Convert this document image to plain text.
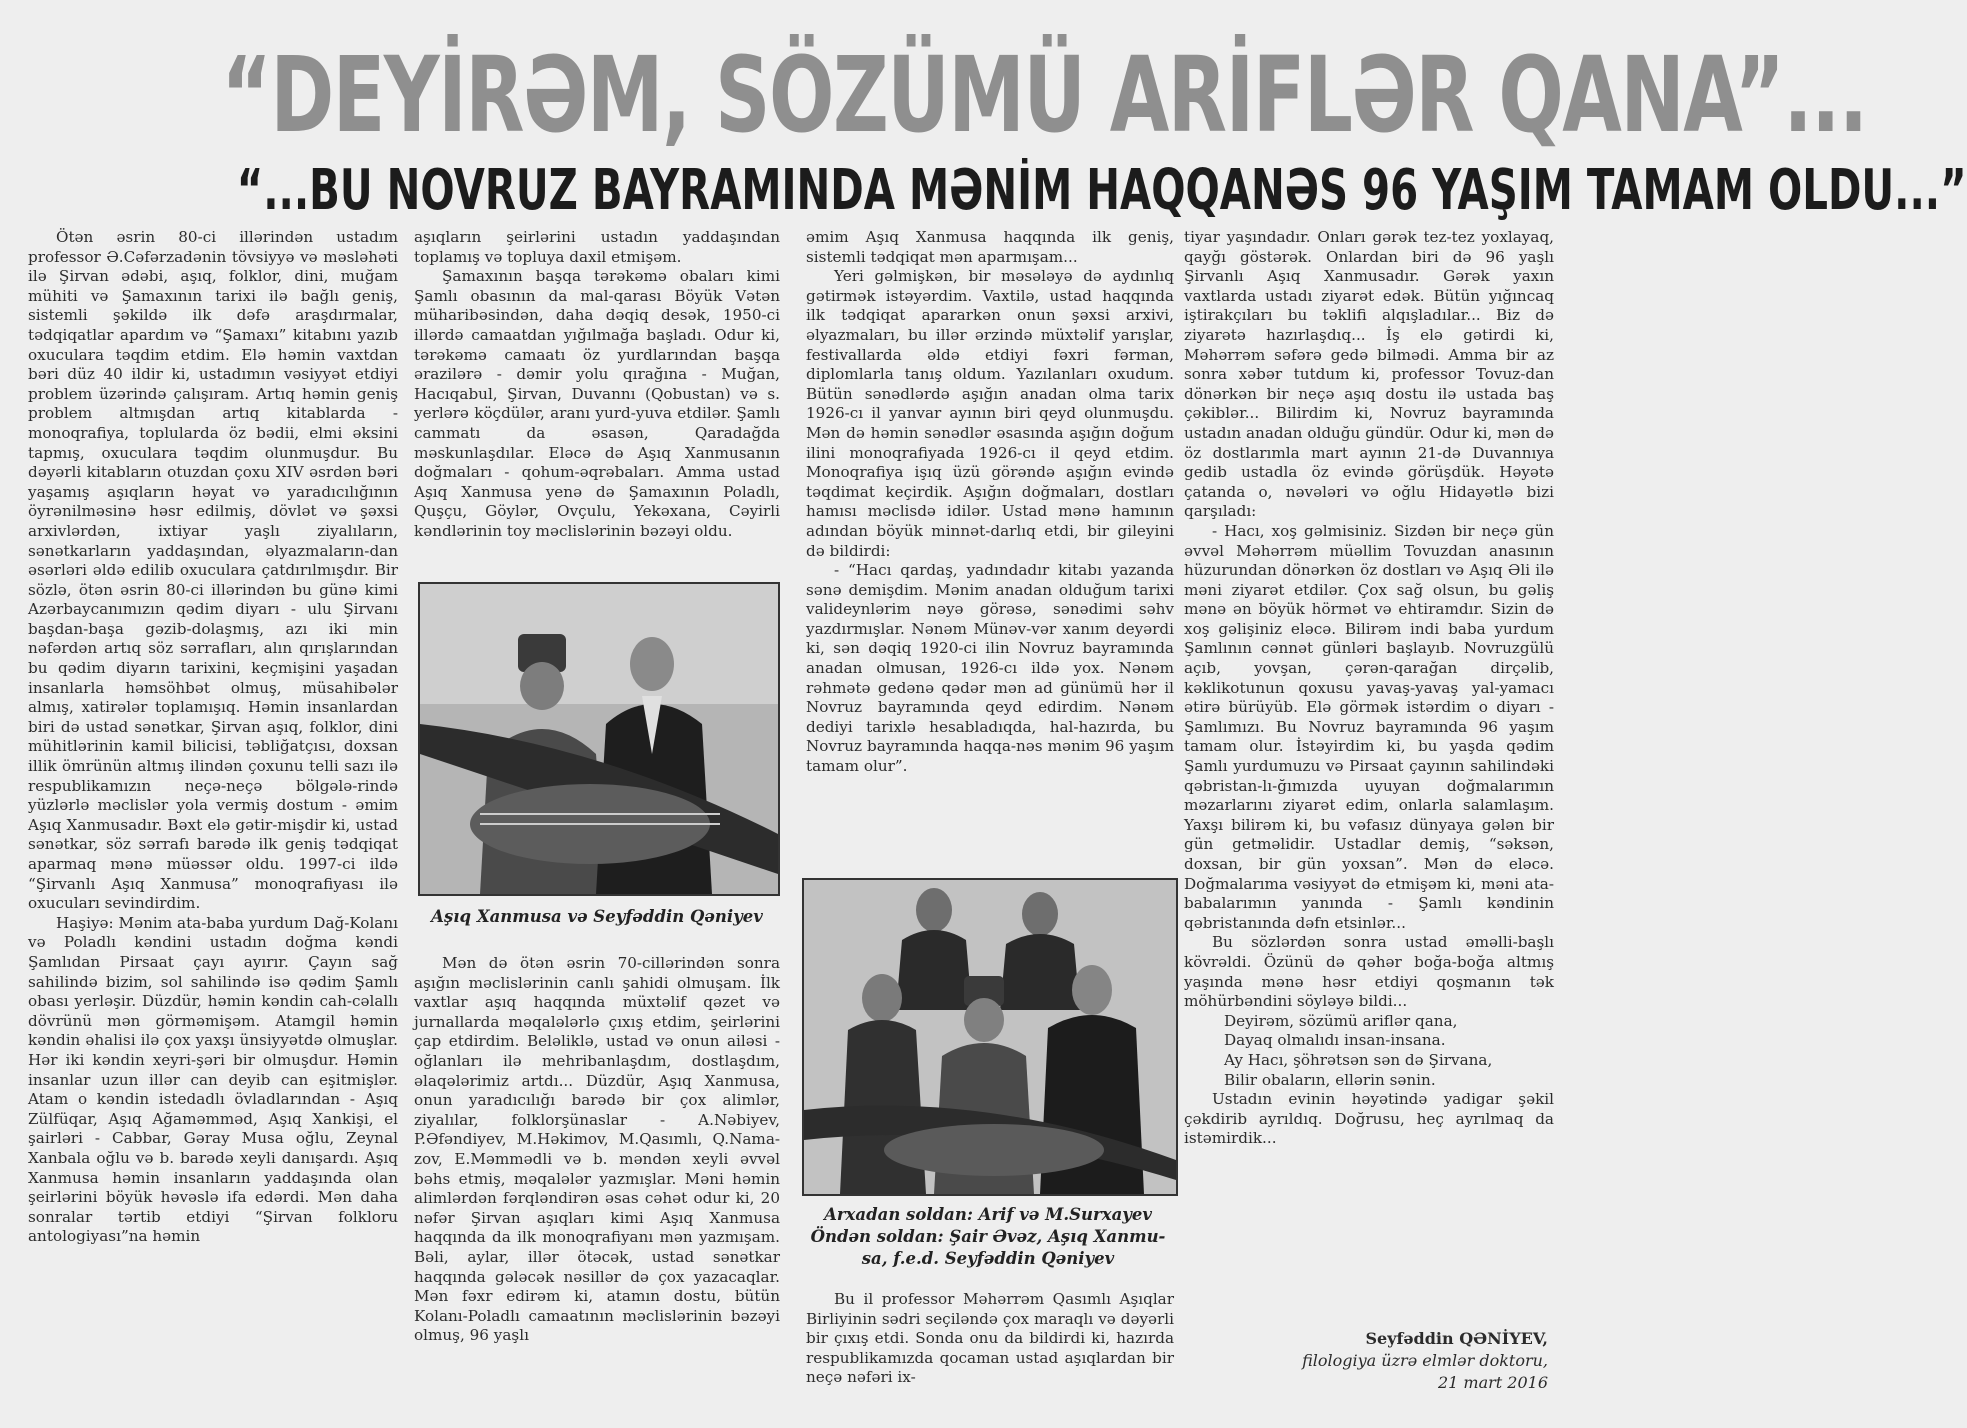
“DEYİRƏM, SÖZÜMÜ ARİFLƏR QANA”...
“...BU NOVRUZ BAYRAMINDA MƏNİM HAQQANƏS 96 YAŞIM TAMAM OLDU...”

Ötən əsrin 80-ci illərindən ustadım professor Ə.Cəfərzadənin tövsiyyə və məsləhəti ilə Şirvan ədəbi, aşıq, folklor, dini, muğam mühiti və Şamaxının tarixi ilə bağlı geniş, sistemli şəkildə ilk dəfə araşdırmalar, tədqiqatlar apardım və “Şamaxı” kitabını yazıb oxuculara təqdim etdim. Elə həmin vaxtdan bəri düz 40 ildir ki, ustadımın vəsiyyət etdiyi problem üzərində çalışıram. Artıq həmin geniş problem altmışdan artıq kitablarda - monoqrafiya, toplularda öz bədii, elmi əksini tapmış, oxuculara təqdim olunmuşdur. Bu dəyərli kitabların otuzdan çoxu XIV əsrdən bəri yaşamış aşıqların həyat və yaradıcılığının öyrənilməsinə həsr edilmiş, dövlət və şəxsi arxivlərdən, ixtiyar yaşlı ziyalıların, sənətkarların yaddaşından, əlyazmaların-dan əsərləri əldə edilib oxuculara çatdırılmışdır. Bir sözlə, ötən əsrin 80-ci illərindən bu günə kimi Azərbaycanımızın qədim diyarı - ulu Şirvanı başdan-başa gəzib-dolaşmış, azı iki min nəfərdən artıq söz sərrafları, alın qırışlarından bu qədim diyarın tarixini, keçmişini yaşadan insanlarla həmsöhbət olmuş, müsahibələr almış, xatirələr toplamışıq. Həmin insanlardan biri də ustad sənətkar, Şirvan aşıq, folklor, dini mühitlərinin kamil bilicisi, təbliğatçısı, doxsan illik ömrünün altmış ilindən çoxunu telli sazı ilə respublikamızın neçə-neçə bölgələ-rində yüzlərlə məclislər yola vermiş dostum - əmim Aşıq Xanmusadır. Bəxt elə gətir-mişdir ki, ustad sənətkar, söz sərrafı barədə ilk geniş tədqiqat aparmaq mənə müəssər oldu. 1997-ci ildə “Şirvanlı Aşıq Xanmusa” monoqrafiyası ilə oxucuları sevindirdim.

Haşiyə: Mənim ata-baba yurdum Dağ-Kolanı və Poladlı kəndini ustadın doğma kəndi Şamlıdan Pirsaat çayı ayırır. Çayın sağ sahilində bizim, sol sahilində isə qədim Şamlı obası yerləşir. Düzdür, həmin kəndin cah-cəlallı dövrünü mən görməmişəm. Atamgil həmin kəndin əhalisi ilə çox yaxşı ünsiyyətdə olmuşlar. Hər iki kəndin xeyri-şəri bir olmuşdur. Həmin insanlar uzun illər can deyib can eşitmişlər. Atam o kəndin istedadlı övladlarından - Aşıq Zülfüqar, Aşıq Ağaməmməd, Aşıq Xankişi, el şairləri - Cabbar, Gəray Musa oğlu, Zeynal Xanbala oğlu və b. barədə xeyli danışardı. Aşıq Xanmusa həmin insanların yaddaşında olan şeirlərini böyük həvəslə ifa edərdi. Mən daha sonralar tərtib etdiyi “Şirvan folkloru antologiyası”na həmin

aşıqların şeirlərini ustadın yaddaşından toplamış və topluya daxil etmişəm.

Şamaxının başqa tərəkəmə obaları kimi Şamlı obasının da mal-qarası Böyük Vətən müharibəsindən, daha dəqiq desək, 1950-ci illərdə camaatdan yığılmağa başladı. Odur ki, tərəkəmə camaatı öz yurdlarından başqa ərazilərə - dəmir yolu qırağına - Muğan, Hacıqabul, Şirvan, Duvannı (Qobustan) və s. yerlərə köçdülər, aranı yurd-yuva etdilər. Şamlı cammatı da əsasən, Qaradağda məskunlaşdılar. Eləcə də Aşıq Xanmusanın doğmaları - qohum-əqrəbaları. Amma ustad Aşıq Xanmusa yenə də Şamaxının Poladlı, Quşçu, Göylər, Ovçulu, Yekəxana, Cəyirli kəndlərinin toy məclislərinin bəzəyi oldu.

Aşıq Xanmusa və Seyfəddin Qəniyev

Mən də ötən əsrin 70-cillərindən sonra aşığın məclislərinin canlı şahidi olmuşam. İlk vaxtlar aşıq haqqında müxtəlif qəzet və jurnallarda məqalələrlə çıxış etdim, şeirlərini çap etdirdim. Beləliklə, ustad və onun ailəsi - oğlanları ilə mehribanlaşdım, dostlaşdım, əlaqələrimiz artdı... Düzdür, Aşıq Xanmusa, onun yaradıcılığı barədə bir çox alimlər, ziyalılar, folklorşünaslar - A.Nəbiyev, P.Əfəndiyev, M.Həkimov, M.Qasımlı, Q.Nama-zov, E.Məmmədli və b. məndən xeyli əvvəl bəhs etmiş, məqalələr yazmışlar. Məni həmin alimlərdən fərqləndirən əsas cəhət odur ki, 20 nəfər Şirvan aşıqları kimi Aşıq Xanmusa haqqında da ilk monoqrafiyanı mən yazmışam. Bəli, aylar, illər ötəcək, ustad sənətkar haqqında gələcək nəsillər də çox yazacaqlar. Mən fəxr edirəm ki, atamın dostu, bütün Kolanı-Poladlı camaatının məclislərinin bəzəyi olmuş, 96 yaşlı

əmim Aşıq Xanmusa haqqında ilk geniş, sistemli tədqiqat mən aparmışam...

Yeri gəlmişkən, bir məsələyə də aydınlıq gətirmək istəyərdim. Vaxtilə, ustad haqqında ilk tədqiqat apararkən onun şəxsi arxivi, əlyazmaları, bu illər ərzində müxtəlif yarışlar, festivallarda əldə etdiyi fəxri fərman, diplomlarla tanış oldum. Yazılanları oxudum. Bütün sənədlərdə aşığın anadan olma tarix 1926-cı il yanvar ayının biri qeyd olunmuşdu. Mən də həmin sənədlər əsasında aşığın doğum ilini monoqrafiyada 1926-cı il qeyd etdim. Monoqrafiya işıq üzü görəndə aşığın evində təqdimat keçirdik. Aşığın doğmaları, dostları hamısı məclisdə idilər. Ustad mənə hamının adından böyük minnət-darlıq etdi, bir gileyini də bildirdi:

- “Hacı qardaş, yadındadır kitabı yazanda sənə demişdim. Mənim anadan olduğum tarixi valideynlərim nəyə görəsə, sənədimi səhv yazdırmışlar. Nənəm Münəv-vər xanım deyərdi ki, sən dəqiq 1920-ci ilin Novruz bayramında anadan olmusan, 1926-cı ildə yox. Nənəm rəhmətə gedənə qədər mən ad günümü hər il Novruz bayramında qeyd edirdim. Nənəm dediyi tarixlə hesabladıqda, hal-hazırda, bu Novruz bayramında haqqa-nəs mənim 96 yaşım tamam olur”.

Arxadan soldan: Arif və M.Surxayev
Öndən soldan: Şair Əvəz, Aşıq Xanmu-
sa, f.e.d. Seyfəddin Qəniyev

Bu il professor Məhərrəm Qasımlı Aşıqlar Birliyinin sədri seçiləndə çox maraqlı və dəyərli bir çıxış etdi. Sonda onu da bildirdi ki, hazırda respublikamızda qocaman ustad aşıqlardan bir neçə nəfəri ix-

tiyar yaşındadır. Onları gərək tez-tez yoxlayaq, qayğı göstərək. Onlardan biri də 96 yaşlı Şirvanlı Aşıq Xanmusadır. Gərək yaxın vaxtlarda ustadı ziyarət edək. Bütün yığıncaq iştirakçıları bu təklifi alqışladılar... Biz də ziyarətə hazırlaşdıq... İş elə gətirdi ki, Məhərrəm səfərə gedə bilmədi. Amma bir az sonra xəbər tutdum ki, professor Tovuz-dan dönərkən bir neçə aşıq dostu ilə ustada baş çəkiblər... Bilirdim ki, Novruz bayramında ustadın anadan olduğu gündür. Odur ki, mən də öz dostlarımla mart ayının 21-də Duvannıya gedib ustadla öz evində görüşdük. Həyətə çatanda o, nəvələri və oğlu Hidayətlə bizi qarşıladı:

- Hacı, xoş gəlmisiniz. Sizdən bir neçə gün əvvəl Məhərrəm müəllim Tovuzdan anasının hüzurundan dönərkən öz dostları və Aşıq Əli ilə məni ziyarət etdilər. Çox sağ olsun, bu gəliş mənə ən böyük hörmət və ehtiramdır. Sizin də xoş gəlişiniz eləcə. Bilirəm indi baba yurdum Şamlının cənnət günləri başlayıb. Novruzgülü açıb, yovşan, çərən-qarağan dirçəlib, kəklikotunun qoxusu yavaş-yavaş yal-yamacı ətirə bürüyüb. Elə görmək istərdim o diyarı - Şamlımızı. Bu Novruz bayramında 96 yaşım tamam olur. İstəyirdim ki, bu yaşda qədim Şamlı yurdumuzu və Pirsaat çayının sahilindəki qəbristan-lı-ğımızda uyuyan doğmalarımın məzarlarını ziyarət edim, onlarla salamlaşım. Yaxşı bilirəm ki, bu vəfasız dünyaya gələn bir gün getməlidir. Ustadlar demiş, “səksən, doxsan, bir gün yoxsan”. Mən də eləcə. Doğmalarıma vəsiyyət də etmişəm ki, məni ata-babalarımın yanında - Şamlı kəndinin qəbristanında dəfn etsinlər...

Bu sözlərdən sonra ustad əməlli-başlı kövrəldi. Özünü də qəhər boğa-boğa altmış yaşında mənə həsr etdiyi qoşmanın tək möhürbəndini söyləyə bildi...

Deyirəm, sözümü ariflər qana,

Dayaq olmalıdı insan-insana.

Ay Hacı, şöhrətsən sən də Şirvana,

Bilir obaların, ellərin sənin.

Ustadın evinin həyətində yadigar şəkil çəkdirib ayrıldıq. Doğrusu, heç ayrılmaq da istəmirdik...

Seyfəddin QƏNİYEV,
filologiya üzrə elmlər doktoru,
21 mart 2016
